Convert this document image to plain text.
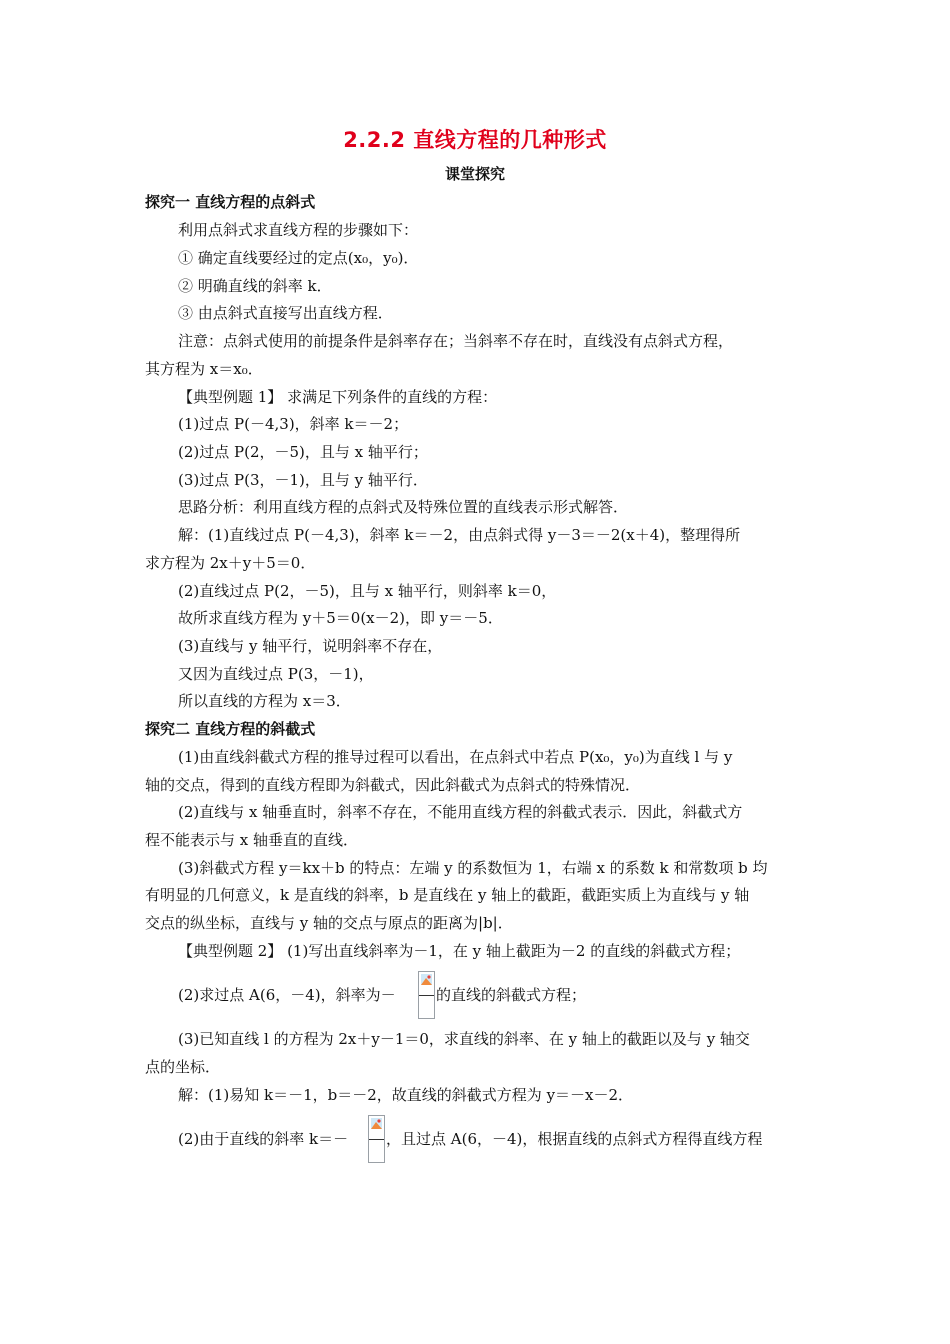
2.2.2 直线方程的几种形式
课堂探究
探究一 直线方程的点斜式
利用点斜式求直线方程的步骤如下：
① 确定直线要经过的定点(x₀，y₀)．
② 明确直线的斜率 k．
③ 由点斜式直接写出直线方程．
注意：点斜式使用的前提条件是斜率存在；当斜率不存在时，直线没有点斜式方程，
其方程为 x＝x₀．
【典型例题 1】 求满足下列条件的直线的方程：
(1)过点 P(－4,3)，斜率 k＝－2；
(2)过点 P(2，－5)，且与 x 轴平行；
(3)过点 P(3，－1)，且与 y 轴平行．
思路分析：利用直线方程的点斜式及特殊位置的直线表示形式解答．
解：(1)直线过点 P(－4,3)，斜率 k＝－2，由点斜式得 y－3＝－2(x＋4)，整理得所
求方程为 2x＋y＋5＝0．
(2)直线过点 P(2，－5)，且与 x 轴平行，则斜率 k＝0，
故所求直线方程为 y＋5＝0(x－2)，即 y＝－5．
(3)直线与 y 轴平行，说明斜率不存在，
又因为直线过点 P(3，－1)，
所以直线的方程为 x＝3．
探究二 直线方程的斜截式
(1)由直线斜截式方程的推导过程可以看出，在点斜式中若点 P(x₀，y₀)为直线 l 与 y
轴的交点，得到的直线方程即为斜截式，因此斜截式为点斜式的特殊情况．
(2)直线与 x 轴垂直时，斜率不存在，不能用直线方程的斜截式表示．因此，斜截式方
程不能表示与 x 轴垂直的直线．
(3)斜截式方程 y＝kx＋b 的特点：左端 y 的系数恒为 1，右端 x 的系数 k 和常数项 b 均
有明显的几何意义，k 是直线的斜率，b 是直线在 y 轴上的截距，截距实质上为直线与 y 轴
交点的纵坐标，直线与 y 轴的交点与原点的距离为|b|．
【典型例题 2】 (1)写出直线斜率为－1，在 y 轴上截距为－2 的直线的斜截式方程；
(2)求过点 A(6，－4)，斜率为－	的直线的斜截式方程；
(3)已知直线 l 的方程为 2x＋y－1＝0，求直线的斜率、在 y 轴上的截距以及与 y 轴交
点的坐标．
解：(1)易知 k＝－1，b＝－2，故直线的斜截式方程为 y＝－x－2．
(2)由于直线的斜率 k＝－	，且过点 A(6，－4)，根据直线的点斜式方程得直线方程
